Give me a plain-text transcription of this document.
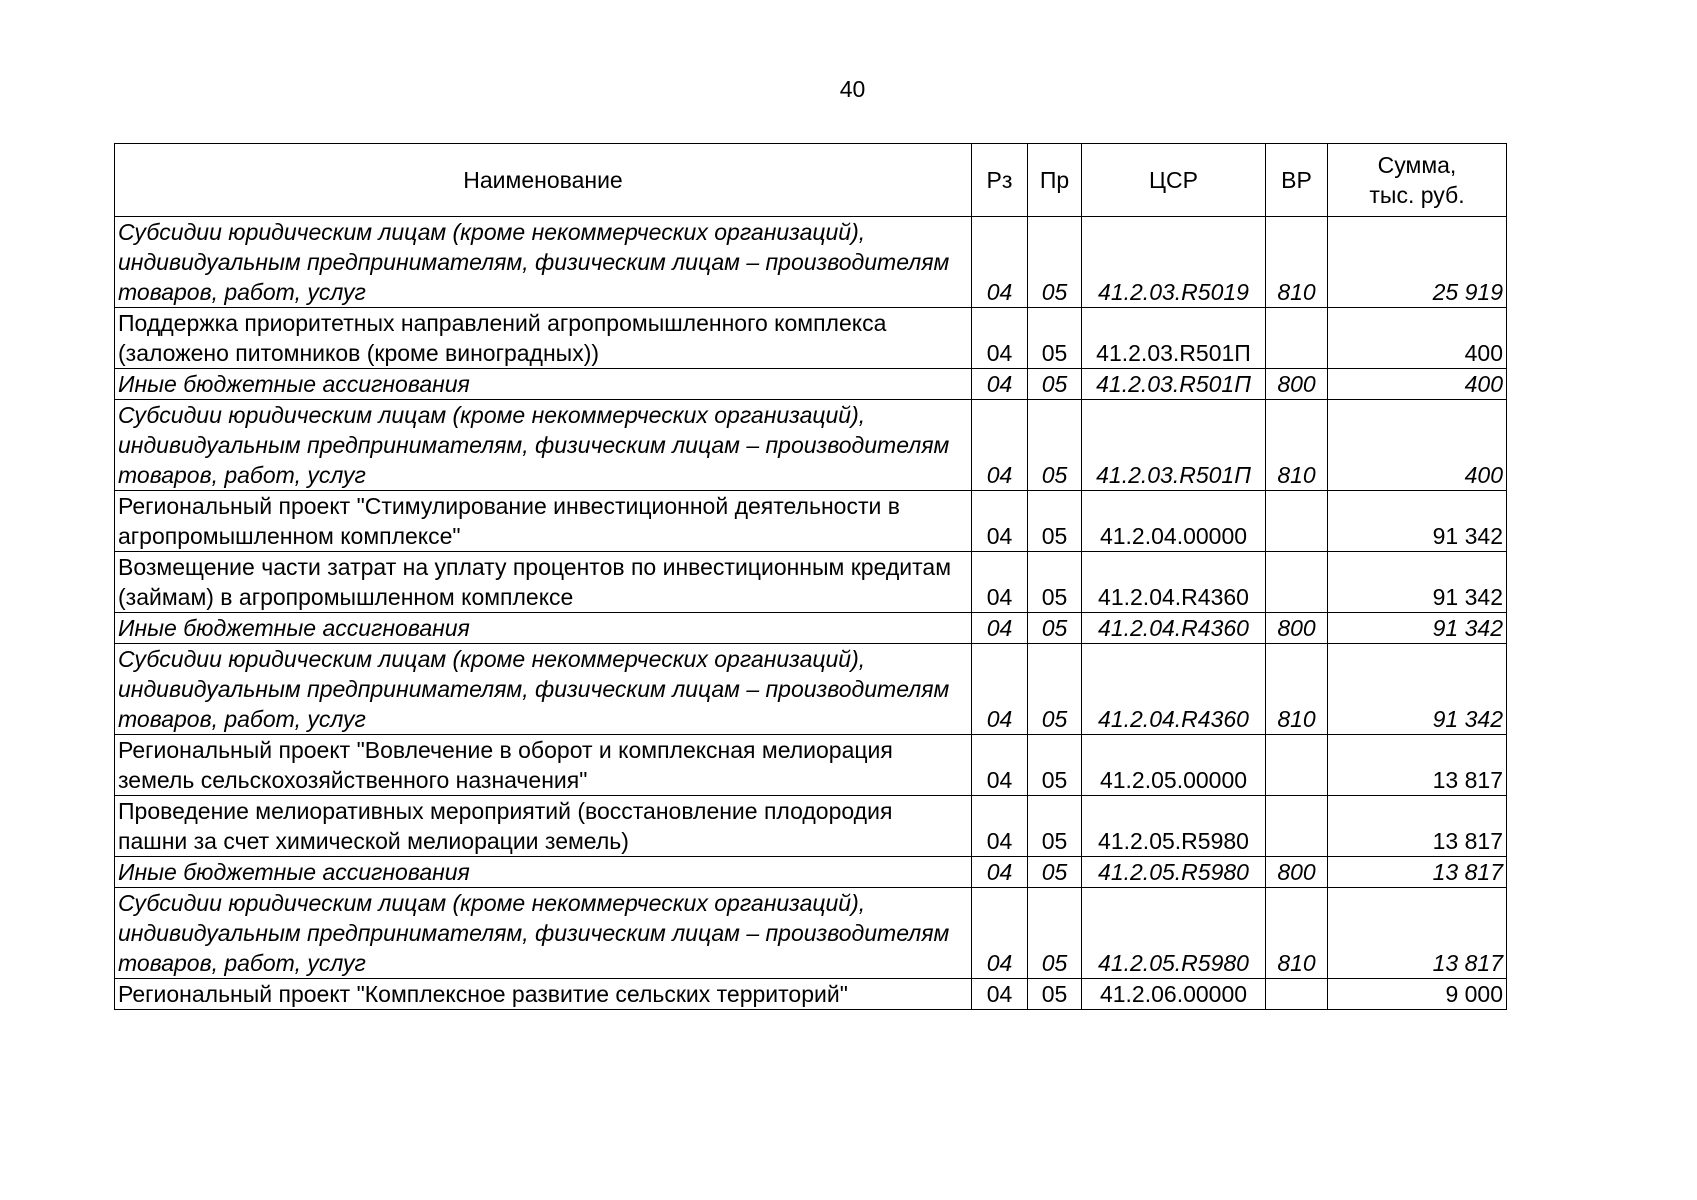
40
Наименование	Рз	Пр	ЦСР	ВР	Сумма,
тыс. руб.
Субсидии юридическим лицам (кроме некоммерческих организаций), индивидуальным предпринимателям, физическим лицам – производителям товаров, работ, услуг	04	05	41.2.03.R5019	810	25 919
Поддержка приоритетных направлений агропромышленного комплекса (заложено питомников (кроме виноградных))	04	05	41.2.03.R501П		400
Иные бюджетные ассигнования	04	05	41.2.03.R501П	800	400
Субсидии юридическим лицам (кроме некоммерческих организаций), индивидуальным предпринимателям, физическим лицам – производителям товаров, работ, услуг	04	05	41.2.03.R501П	810	400
Региональный проект "Стимулирование инвестиционной деятельности в агропромышленном комплексе"	04	05	41.2.04.00000		91 342
Возмещение части затрат на уплату процентов по инвестиционным кредитам (займам) в агропромышленном комплексе	04	05	41.2.04.R4360		91 342
Иные бюджетные ассигнования	04	05	41.2.04.R4360	800	91 342
Субсидии юридическим лицам (кроме некоммерческих организаций), индивидуальным предпринимателям, физическим лицам – производителям товаров, работ, услуг	04	05	41.2.04.R4360	810	91 342
Региональный проект "Вовлечение в оборот и комплексная мелиорация земель сельскохозяйственного назначения"	04	05	41.2.05.00000		13 817
Проведение мелиоративных мероприятий (восстановление плодородия пашни за счет химической мелиорации земель)	04	05	41.2.05.R5980		13 817
Иные бюджетные ассигнования	04	05	41.2.05.R5980	800	13 817
Субсидии юридическим лицам (кроме некоммерческих организаций), индивидуальным предпринимателям, физическим лицам – производителям товаров, работ, услуг	04	05	41.2.05.R5980	810	13 817
Региональный проект "Комплексное развитие сельских территорий"	04	05	41.2.06.00000		9 000
